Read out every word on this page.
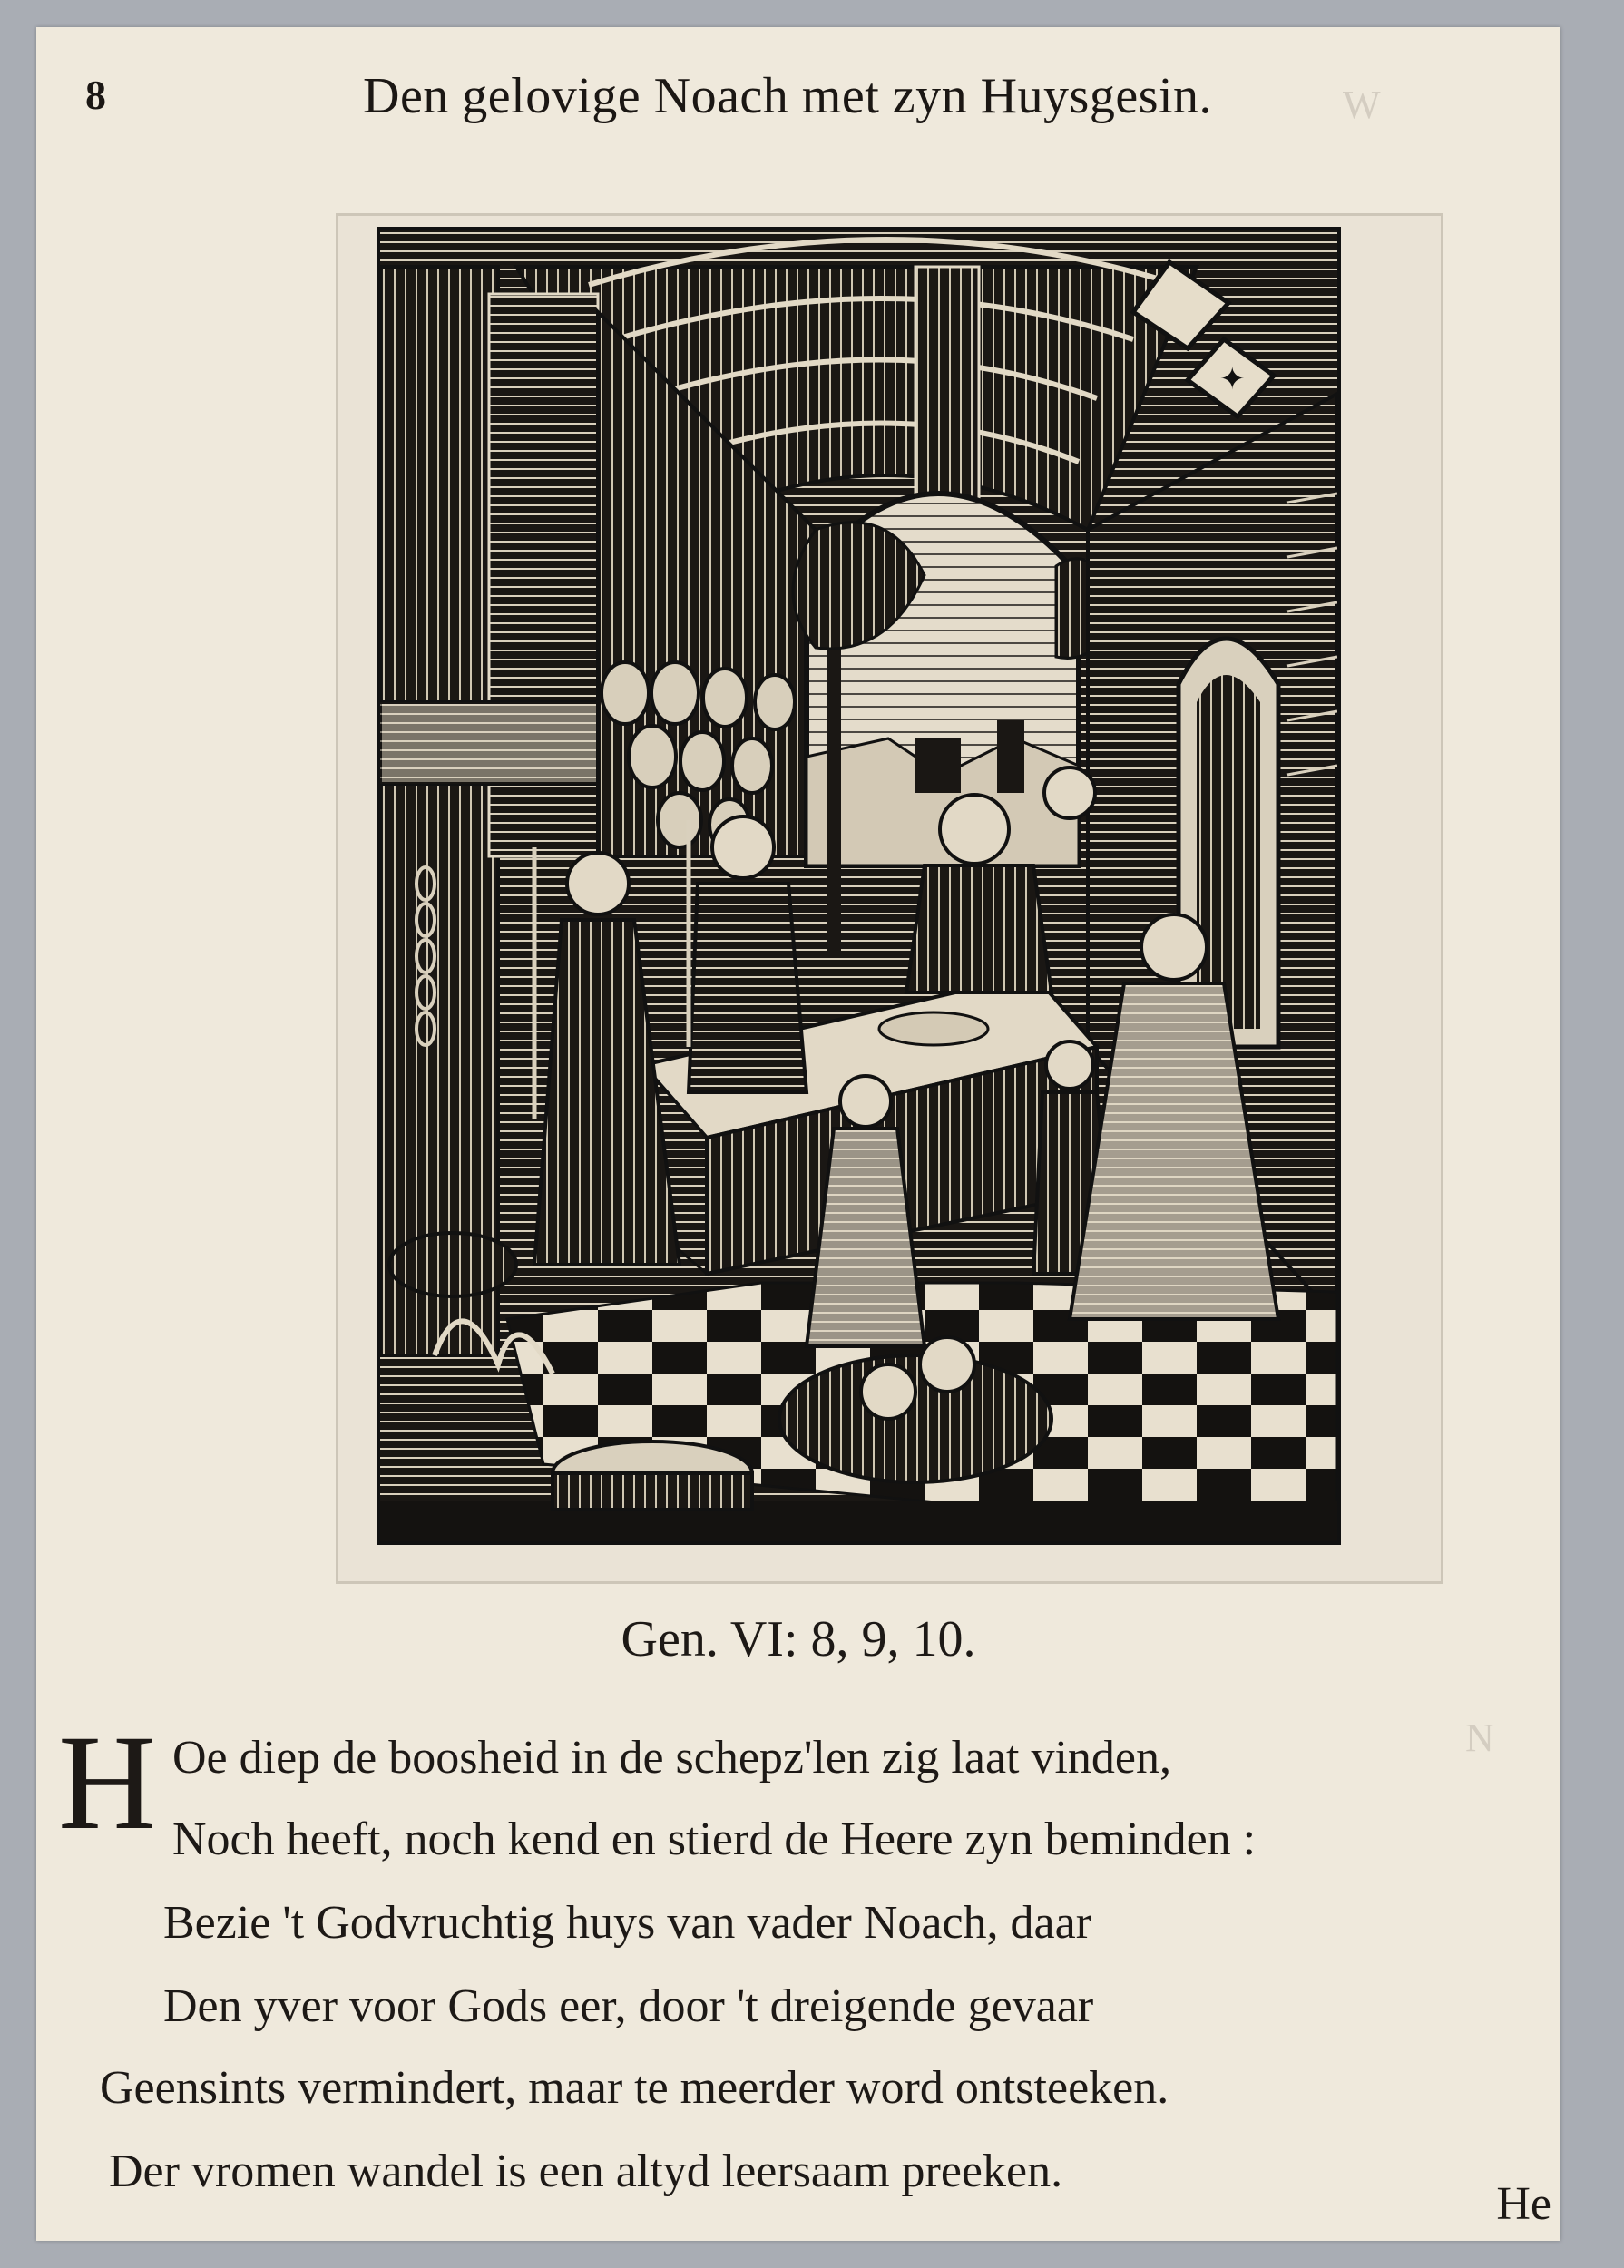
W
N
8	Den gelovige Noach met zyn Huysgesin.
✦
Gen. VI: 8, 9, 10.
H Oe diep de boosheid in de schepz'len zig laat vinden,
Noch heeft, noch kend en stierd de Heere zyn beminden :
Bezie 't Godvruchtig huys van vader Noach, daar
Den yver voor Gods eer, door 't dreigende gevaar
Geensints vermindert, maar te meerder word ontsteeken.
Der vromen wandel is een altyd leersaam preeken.
He
